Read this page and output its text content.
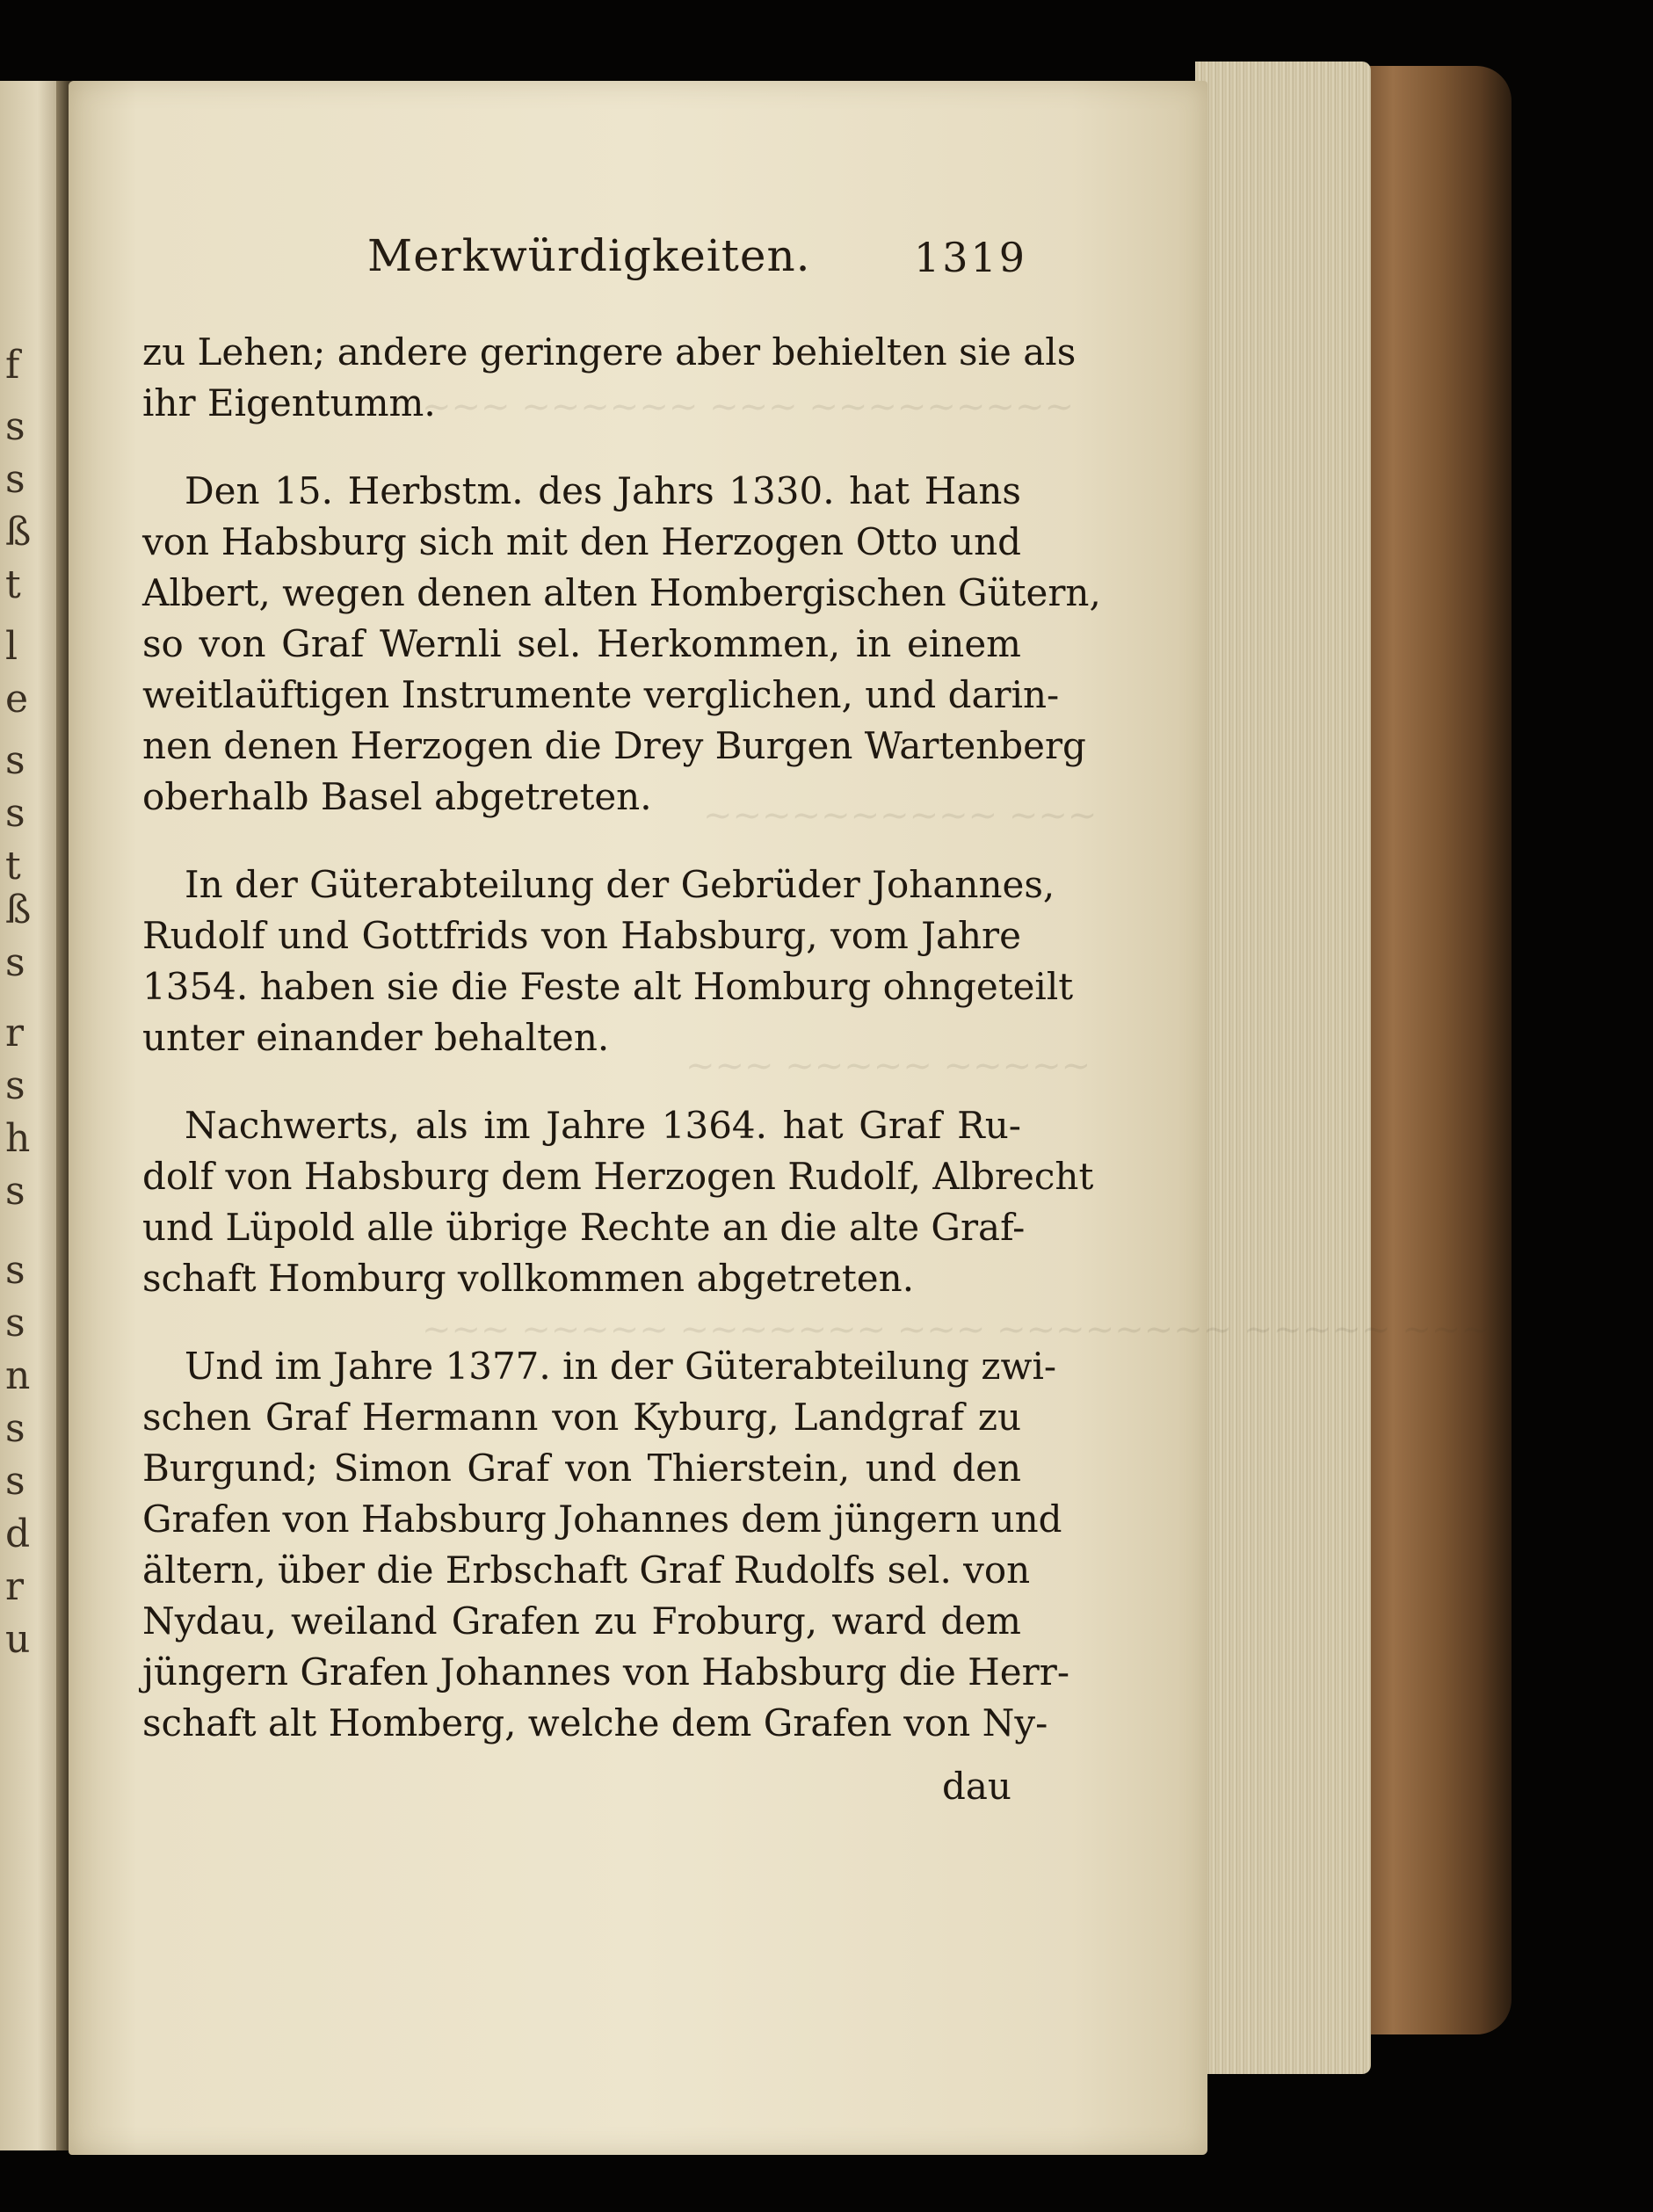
f
s
s
ß
t
l
e
s
s
t
ß
s
r
s
h
s
s
s
n
s
s
d
r
u
~~~ ~~~~~~ ~~~ ~~~~~~~~~
~~~~~~~~~~ ~~~
~~~ ~~~~~ ~~~~~
~~~ ~~~~~ ~~~~~~~ ~~~ ~~~~~~~~ ~~~~~ ~~~
Merkwürdigkeiten.	1319
zu Lehen; andere geringere aber behielten sie als
ihr Eigentumm.
Den 15. Herbstm. des Jahrs 1330. hat Hans
von Habsburg sich mit den Herzogen Otto und
Albert, wegen denen alten Hombergischen Gütern,
so von Graf Wernli sel. Herkommen, in einem
weitlaüftigen Instrumente verglichen, und darin-
nen denen Herzogen die Drey Burgen Wartenberg
oberhalb Basel abgetreten.
In der Güterabteilung der Gebrüder Johannes,
Rudolf und Gottfrids von Habsburg, vom Jahre
1354. haben sie die Feste alt Homburg ohngeteilt
unter einander behalten.
Nachwerts, als im Jahre 1364. hat Graf Ru-
dolf von Habsburg dem Herzogen Rudolf, Albrecht
und Lüpold alle übrige Rechte an die alte Graf-
schaft Homburg vollkommen abgetreten.
Und im Jahre 1377. in der Güterabteilung zwi-
schen Graf Hermann von Kyburg, Landgraf zu
Burgund; Simon Graf von Thierstein, und den
Grafen von Habsburg Johannes dem jüngern und
ältern, über die Erbschaft Graf Rudolfs sel. von
Nydau, weiland Grafen zu Froburg, ward dem
jüngern Grafen Johannes von Habsburg die Herr-
schaft alt Homberg, welche dem Grafen von Ny-
dau
